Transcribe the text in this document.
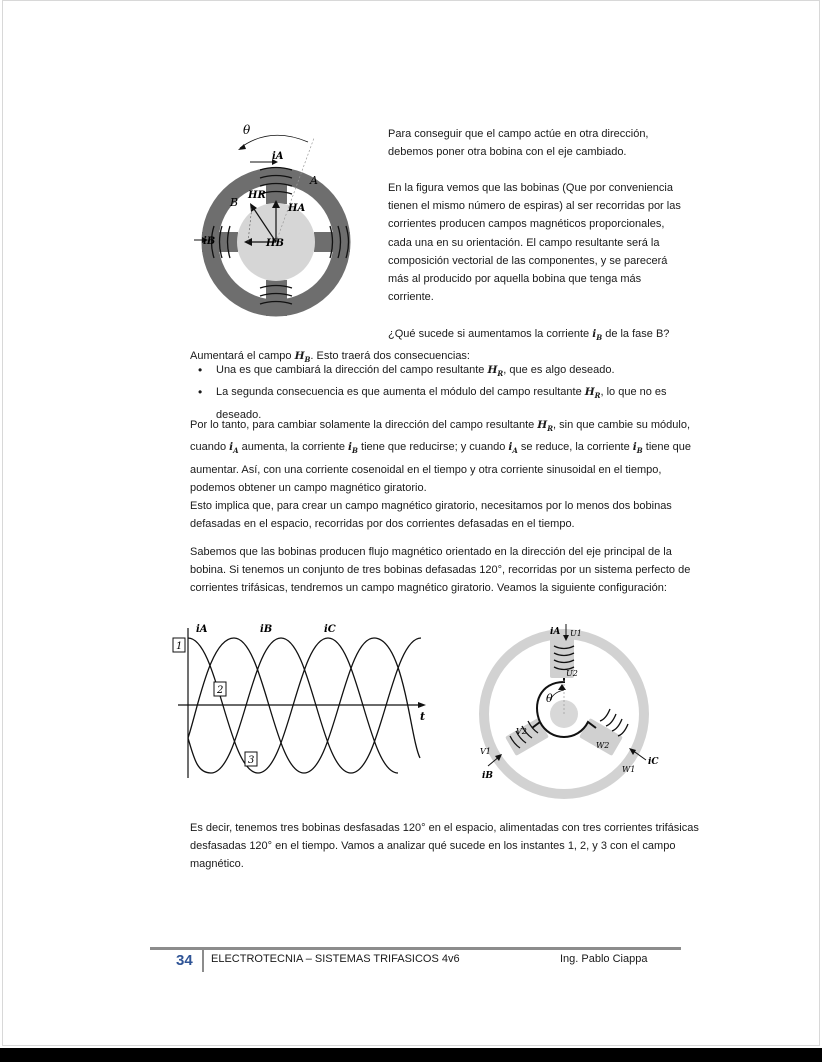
θ
iA
A
B
HR
HA
iB	HB

Para conseguir que el campo actúe en otra dirección, debemos poner otra bobina con el eje cambiado.

En la figura vemos que las bobinas (Que por conveniencia tienen el mismo número de espiras) al ser recorridas por las corrientes producen campos magnéticos proporcionales, cada una en su orientación. El campo resultante será la composición vectorial de las componentes, y se parecerá más al producido por aquella bobina que tenga más corriente.

¿Qué sucede si aumentamos la corriente $i_B$ de la fase B? Aumentará el campo $H_B$. Esto traerá dos consecuencias:

• Una es que cambiará la dirección del campo resultante $H_R$, que es algo deseado.
• La segunda consecuencia es que aumenta el módulo del campo resultante $H_R$, lo que no es deseado.

Por lo tanto, para cambiar solamente la dirección del campo resultante $H_R$, sin que cambie su módulo, cuando $i_A$ aumenta, la corriente $i_B$ tiene que reducirse; y cuando $i_A$ se reduce, la corriente $i_B$ tiene que aumentar. Así, con una corriente cosenoidal en el tiempo y otra corriente sinusoidal en el tiempo, podemos obtener un campo magnético giratorio.
Esto implica que, para crear un campo magnético giratorio, necesitamos por lo menos dos bobinas defasadas en el espacio, recorridas por dos corrientes defasadas en el tiempo.

Sabemos que las bobinas producen flujo magnético orientado en la dirección del eje principal de la bobina. Si tenemos un conjunto de tres bobinas defasadas 120°, recorridas por un sistema perfecto de corrientes trifásicas, tendremos un campo magnético giratorio. Veamos la siguiente configuración:

1
2
3
iA	iB	iC
t
iA U1
U2
θ
V2
V1
iB
W2
W1
iC

Es decir, tenemos tres bobinas desfasadas 120° en el espacio, alimentadas con tres corrientes trifásicas desfasadas 120° en el tiempo. Vamos a analizar qué sucede en los instantes 1, 2, y 3 con el campo magnético.

34 ELECTROTECNIA – SISTEMAS TRIFASICOS 4v6	Ing. Pablo Ciappa
